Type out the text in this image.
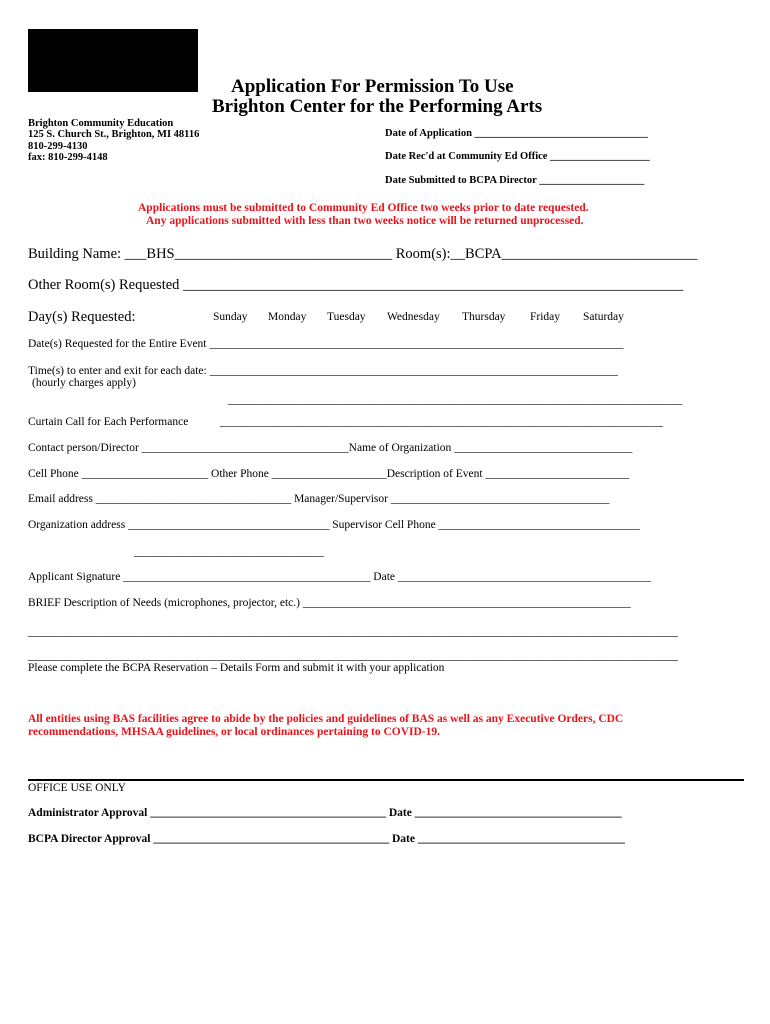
Application For Permission To Use
Brighton Center for the Performing Arts
Brighton Community Education
125 S. Church St., Brighton, MI 48116
810-299-4130
fax: 810-299-4148
Date of Application _________________________________
Date Rec'd at Community Ed Office ___________________
Date Submitted to BCPA Director ____________________
Applications must be submitted to Community Ed Office two weeks prior to date requested.
Any applications submitted with less than two weeks notice will be returned unprocessed.
Building Name: ___BHS______________________________ Room(s):__BCPA___________________________
Other Room(s) Requested _____________________________________________________________________
Day(s) Requested:	Sunday Monday Tuesday Wednesday Thursday Friday Saturday
Date(s) Requested for the Entire Event ________________________________________________________________________
Time(s) to enter and exit for each date: _______________________________________________________________________
(hourly charges apply)
_______________________________________________________________________________
Curtain Call for Each Performance	_____________________________________________________________________________
Contact person/Director ____________________________________Name of Organization _______________________________
Cell Phone ______________________ Other Phone ____________________Description of Event _________________________
Email address __________________________________ Manager/Supervisor ______________________________________
Organization address ___________________________________ Supervisor Cell Phone ___________________________________
_________________________________
Applicant Signature ___________________________________________ Date ____________________________________________
BRIEF Description of Needs (microphones, projector, etc.) _________________________________________________________
_________________________________________________________________________________________________________________
_________________________________________________________________________________________________________________
Please complete the BCPA Reservation – Details Form and submit it with your application
All entities using BAS facilities agree to abide by the policies and guidelines of BAS as well as any Executive Orders, CDC
recommendations, MHSAA guidelines, or local ordinances pertaining to COVID-19.
OFFICE USE ONLY
Administrator Approval _________________________________________ Date ____________________________________
BCPA Director Approval _________________________________________ Date ____________________________________
